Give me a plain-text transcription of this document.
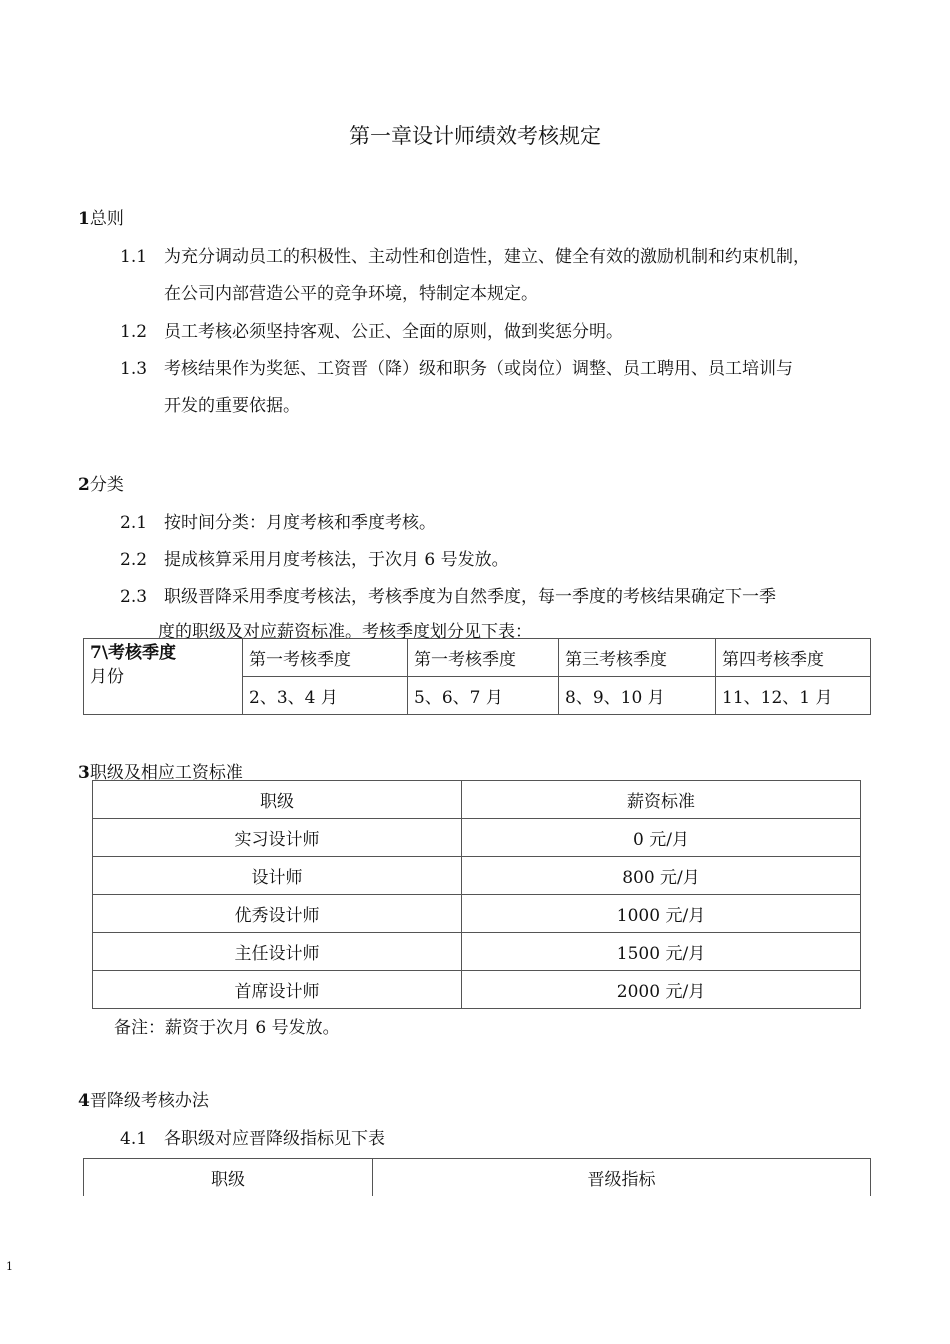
第一章设计师绩效考核规定
1总则
1.1 为充分调动员工的积极性、主动性和创造性，建立、健全有效的激励机制和约束机制，
在公司内部营造公平的竞争环境，特制定本规定。
1.2 员工考核必须坚持客观、公正、全面的原则，做到奖惩分明。
1.3 考核结果作为奖惩、工资晋（降）级和职务（或岗位）调整、员工聘用、员工培训与
开发的重要依据。
2分类
2.1 按时间分类：月度考核和季度考核。
2.2 提成核算采用月度考核法，于次月 6 号发放。
2.3 职级晋降采用季度考核法，考核季度为自然季度，每一季度的考核结果确定下一季
度的职级及对应薪资标准。考核季度划分见下表：
7\考核季度
月份	第一考核季度	第一考核季度	第三考核季度	第四考核季度
	2、3、4 月	5、6、7 月	8、9、10 月	11、12、1 月
3职级及相应工资标准
职级	薪资标准
实习设计师	0 元/月
设计师	800 元/月
优秀设计师	1000 元/月
主任设计师	1500 元/月
首席设计师	2000 元/月
备注：薪资于次月 6 号发放。
4晋降级考核办法
4.1 各职级对应晋降级指标见下表
职级	晋级指标
1
